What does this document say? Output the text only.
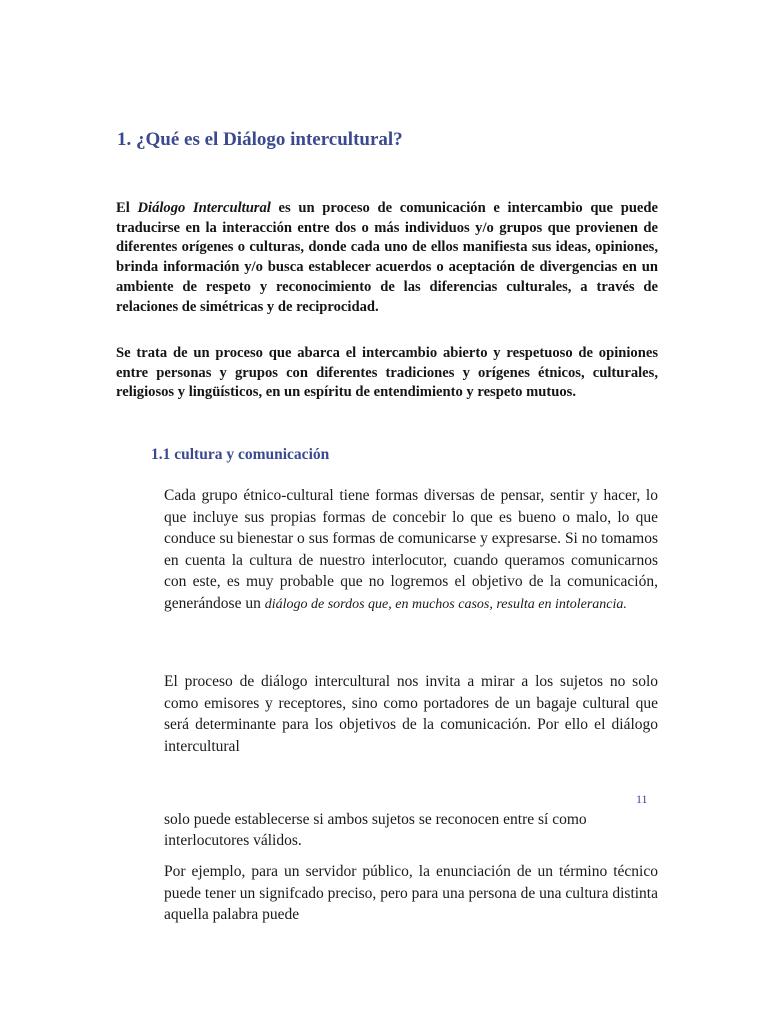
1. ¿Qué es el Diálogo intercultural?

El Diálogo Intercultural es un proceso de comunicación e intercambio que puede traducirse en la interacción entre dos o más individuos y/o grupos que provienen de diferentes orígenes o culturas, donde cada uno de ellos manifiesta sus ideas, opiniones, brinda información y/o busca establecer acuerdos o aceptación de divergencias en un ambiente de respeto y reconocimiento de las diferencias culturales, a través de relaciones de simétricas y de reciprocidad.

Se trata de un proceso que abarca el intercambio abierto y respetuoso de opiniones entre personas y grupos con diferentes tradiciones y orígenes étnicos, culturales, religiosos y lingüísticos, en un espíritu de entendimiento y respeto mutuos.

1.1 cultura y comunicación

Cada grupo étnico-cultural tiene formas diversas de pensar, sentir y hacer, lo que incluye sus propias formas de concebir lo que es bueno o malo, lo que conduce su bienestar o sus formas de comunicarse y expresarse. Si no tomamos en cuenta la cultura de nuestro interlocutor, cuando queramos comunicarnos con este, es muy probable que no logremos el objetivo de la comunicación, generándose un diálogo de sordos que, en muchos casos, resulta en intolerancia.

El proceso de diálogo intercultural nos invita a mirar a los sujetos no solo como emisores y receptores, sino como portadores de un bagaje cultural que será determinante para los objetivos de la comunicación. Por ello el diálogo intercultural

11

solo puede establecerse si ambos sujetos se reconocen entre sí como interlocutores válidos.

Por ejemplo, para un servidor público, la enunciación de un término técnico puede tener un signifcado preciso, pero para una persona de una cultura distinta aquella palabra puede
